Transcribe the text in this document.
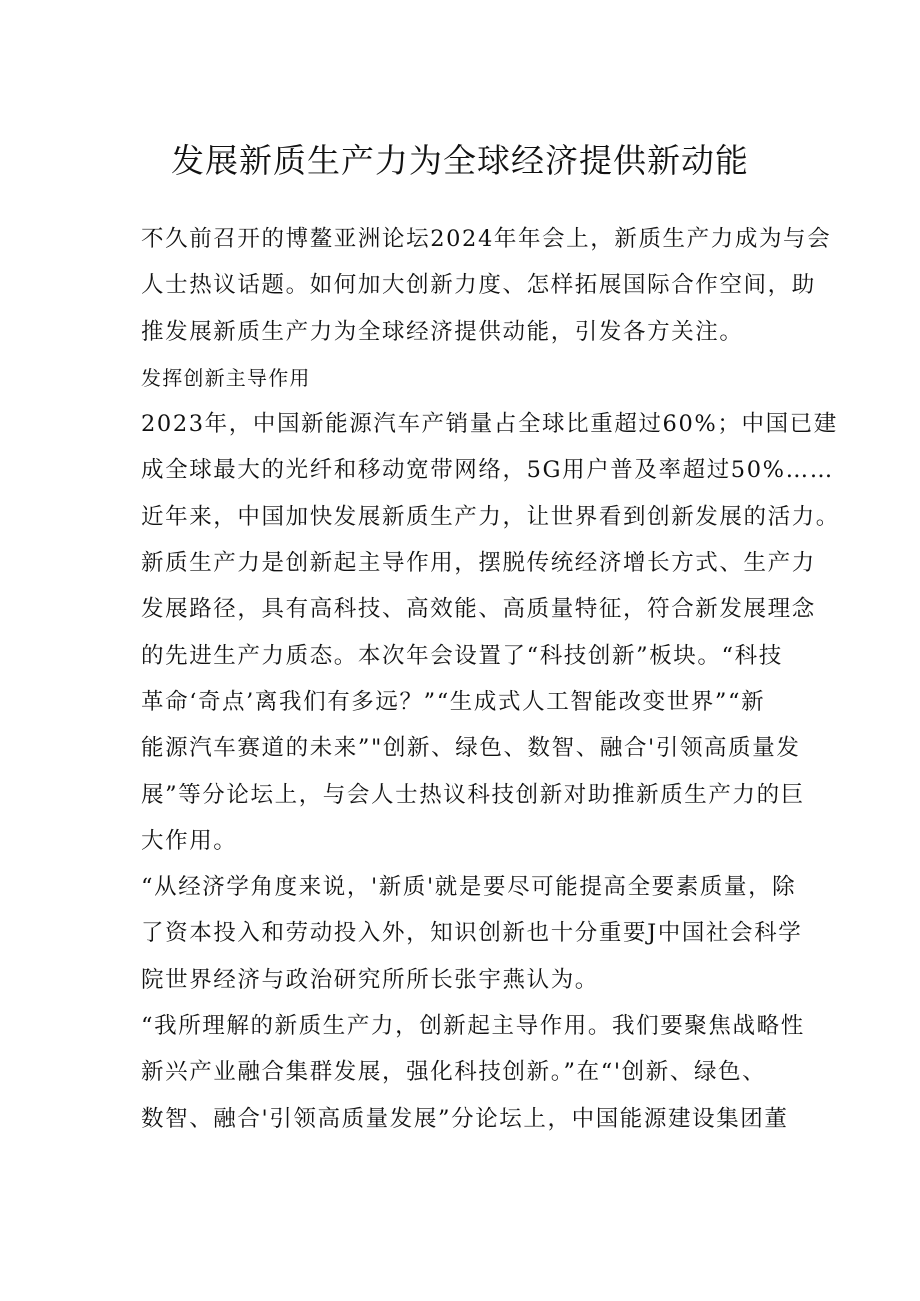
发展新质生产力为全球经济提供新动能
不久前召开的博鳌亚洲论坛2024年年会上，新质生产力成为与会
人士热议话题。如何加大创新力度、怎样拓展国际合作空间，助
推发展新质生产力为全球经济提供动能，引发各方关注。
发挥创新主导作用
2023年，中国新能源汽车产销量占全球比重超过60%；中国已建
成全球最大的光纤和移动宽带网络，5G用户普及率超过50%……
近年来，中国加快发展新质生产力，让世界看到创新发展的活力。
新质生产力是创新起主导作用，摆脱传统经济增长方式、生产力
发展路径，具有高科技、高效能、高质量特征，符合新发展理念
的先进生产力质态。本次年会设置了“科技创新”板块。“科技
革命‘奇点’离我们有多远？”“生成式人工智能改变世界”“新
能源汽车赛道的未来”"创新、绿色、数智、融合'引领高质量发
展”等分论坛上，与会人士热议科技创新对助推新质生产力的巨
大作用。
“从经济学角度来说，'新质'就是要尽可能提高全要素质量，除
了资本投入和劳动投入外，知识创新也十分重要J中国社会科学
院世界经济与政治研究所所长张宇燕认为。
“我所理解的新质生产力，创新起主导作用。我们要聚焦战略性
新兴产业融合集群发展，强化科技创新。”在“'创新、绿色、
数智、融合'引领高质量发展”分论坛上，中国能源建设集团董
